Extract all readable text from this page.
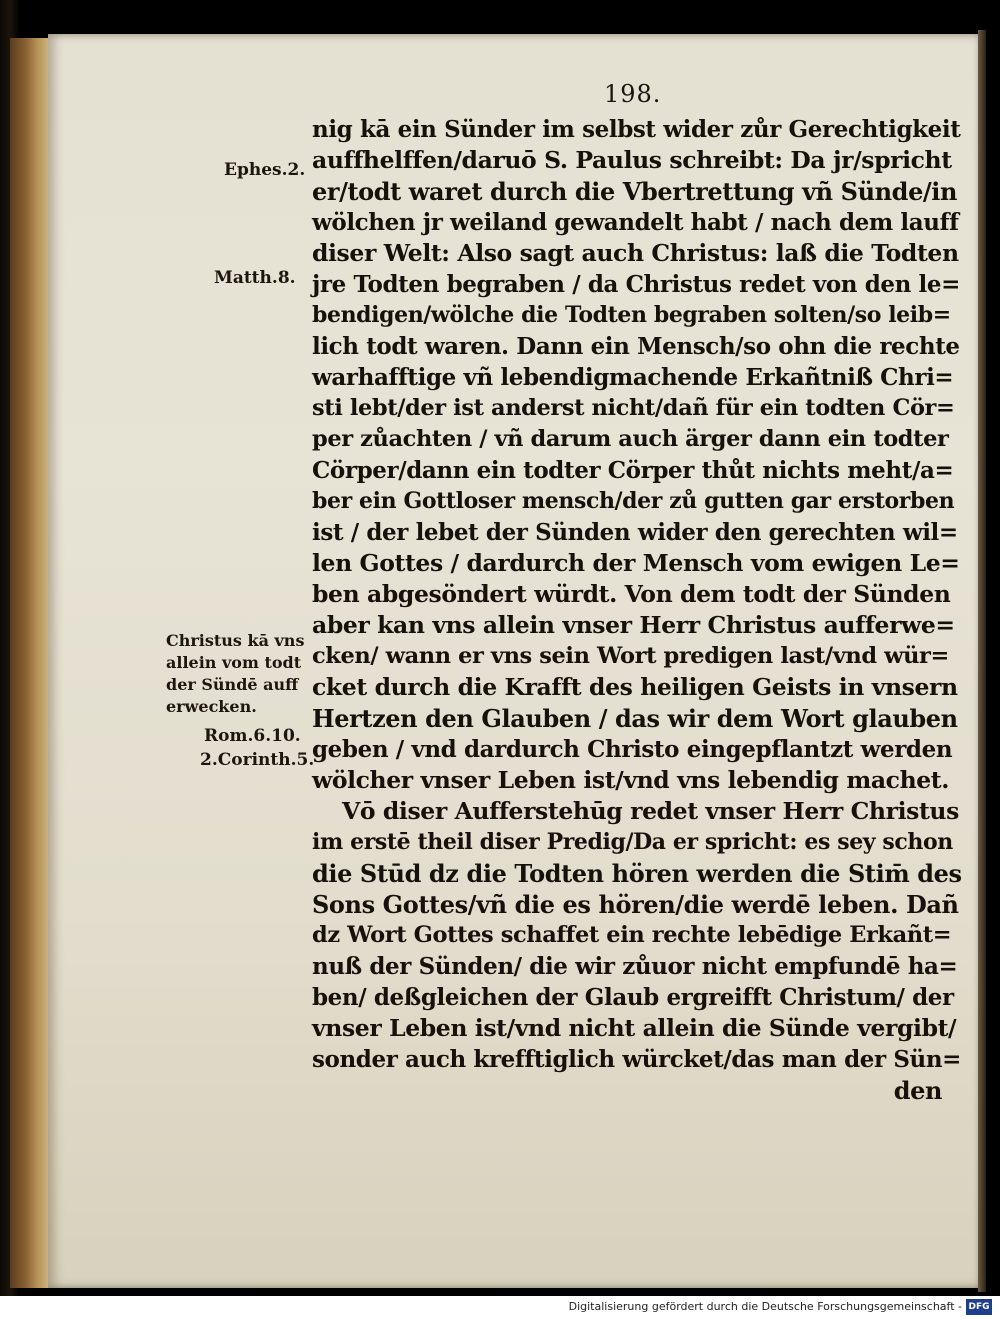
198.
Ephes.2.
Matth.8.
Christus kā vns
allein vom todt
der Sündē auff
erwecken.
Rom.6.10.
2.Corinth.5.
nig kā ein Sünder im selbst wider zůr Gerechtigkeit
auffhelffen/daruō S. Paulus schreibt: Da jr/spricht
er/todt waret durch die Vbertrettung vñ Sünde/in
wölchen jr weiland gewandelt habt / nach dem lauff
diser Welt: Also sagt auch Christus: laß die Todten
jre Todten begraben / da Christus redet von den le=
bendigen/wölche die Todten begraben solten/so leib=
lich todt waren. Dann ein Mensch/so ohn die rechte
warhafftige vñ lebendigmachende Erkañtniß Chri=
sti lebt/der ist anderst nicht/dañ für ein todten Cör=
per zůachten / vñ darum auch ärger dann ein todter
Cörper/dann ein todter Cörper thůt nichts meht/a=
ber ein Gottloser mensch/der zů gutten gar erstorben
ist / der lebet der Sünden wider den gerechten wil=
len Gottes / dardurch der Mensch vom ewigen Le=
ben abgesöndert würdt. Von dem todt der Sünden
aber kan vns allein vnser Herr Christus aufferwe=
cken/ wann er vns sein Wort predigen last/vnd wür=
cket durch die Krafft des heiligen Geists in vnsern
Hertzen den Glauben / das wir dem Wort glauben
geben / vnd dardurch Christo eingepflantzt werden
wölcher vnser Leben ist/vnd vns lebendig machet.
Vō diser Aufferstehūg redet vnser Herr Christus
im erstē theil diser Predig/Da er spricht: es sey schon
die Stūd dz die Todten hören werden die Stim̄ des
Sons Gottes/vñ die es hören/die werdē leben. Dañ
dz Wort Gottes schaffet ein rechte lebēdige Erkañt=
nuß der Sünden/ die wir zůuor nicht empfundē ha=
ben/ deßgleichen der Glaub ergreifft Christum/ der
vnser Leben ist/vnd nicht allein die Sünde vergibt/
sonder auch krefftiglich würcket/das man der Sün=
den
Digitalisierung gefördert durch die Deutsche Forschungsgemeinschaft - DFG
